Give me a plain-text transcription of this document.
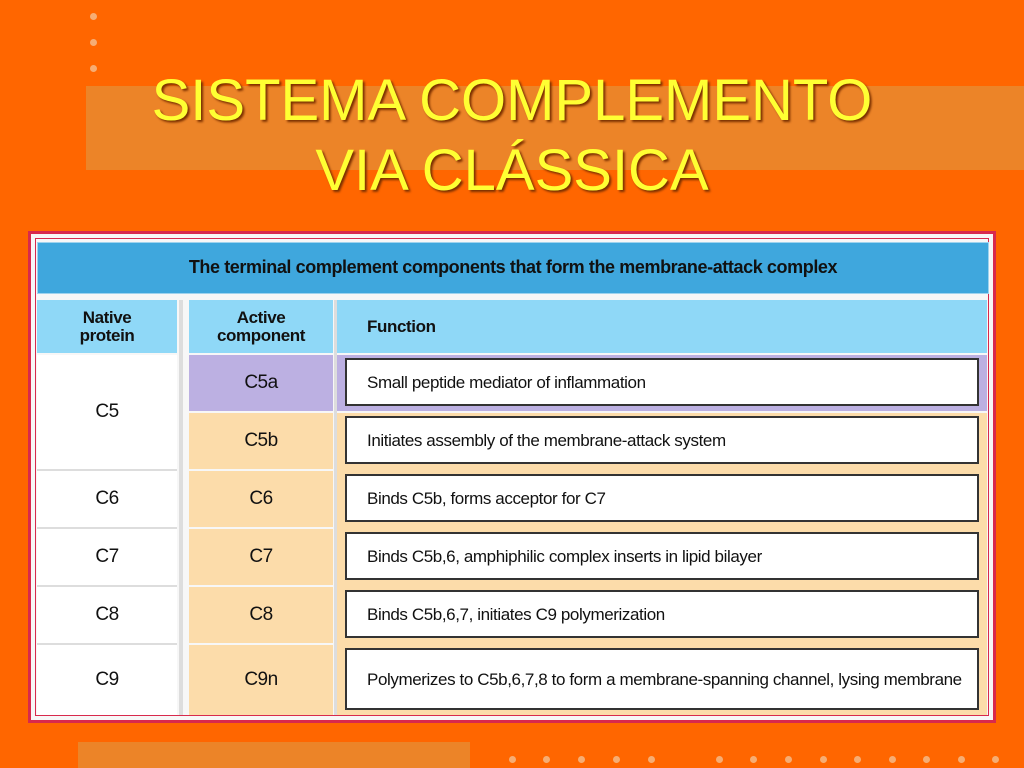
SISTEMA COMPLEMENTO
VIA CLÁSSICA
The terminal complement components that form the membrane-attack complex
Native protein
Active component	Function
C5
C6
C7
C8
C9
C5a
C5b
C6
C7
C8
C9n
Small peptide mediator of inflammation
Initiates assembly of the membrane-attack system
Binds C5b, forms acceptor for C7
Binds C5b,6, amphiphilic complex inserts in lipid bilayer
Binds C5b,6,7, initiates C9 polymerization
Polymerizes to C5b,6,7,8 to form a membrane-spanning channel, lysing membrane
